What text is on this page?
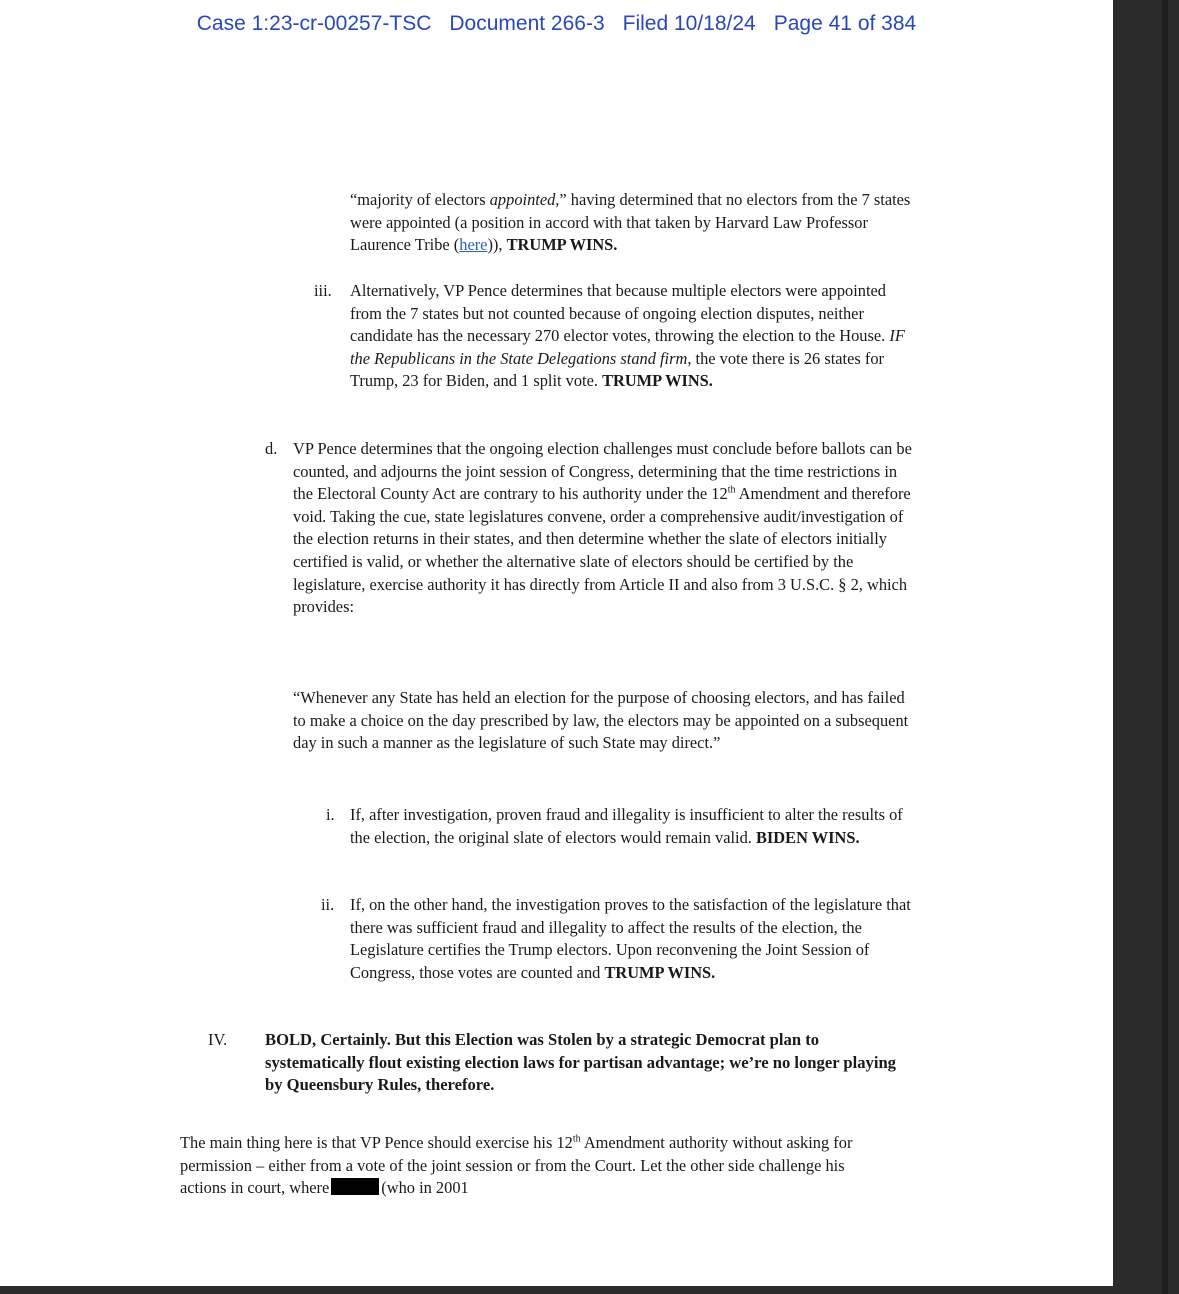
Case 1:23-cr-00257-TSC Document 266-3 Filed 10/18/24 Page 41 of 384

“majority of electors appointed,” having determined that no electors from the 7 states were appointed (a position in accord with that taken by Harvard Law Professor Laurence Tribe (here)), TRUMP WINS.

iii. Alternatively, VP Pence determines that because multiple electors were appointed from the 7 states but not counted because of ongoing election disputes, neither candidate has the necessary 270 elector votes, throwing the election to the House. IF the Republicans in the State Delegations stand firm, the vote there is 26 states for Trump, 23 for Biden, and 1 split vote. TRUMP WINS.

d. VP Pence determines that the ongoing election challenges must conclude before ballots can be counted, and adjourns the joint session of Congress, determining that the time restrictions in the Electoral County Act are contrary to his authority under the 12th Amendment and therefore void. Taking the cue, state legislatures convene, order a comprehensive audit/investigation of the election returns in their states, and then determine whether the slate of electors initially certified is valid, or whether the alternative slate of electors should be certified by the legislature, exercise authority it has directly from Article II and also from 3 U.S.C. § 2, which provides:

“Whenever any State has held an election for the purpose of choosing electors, and has failed to make a choice on the day prescribed by law, the electors may be appointed on a subsequent day in such a manner as the legislature of such State may direct.”

i. If, after investigation, proven fraud and illegality is insufficient to alter the results of the election, the original slate of electors would remain valid. BIDEN WINS.

ii. If, on the other hand, the investigation proves to the satisfaction of the legislature that there was sufficient fraud and illegality to affect the results of the election, the Legislature certifies the Trump electors. Upon reconvening the Joint Session of Congress, those votes are counted and TRUMP WINS.

IV. BOLD, Certainly. But this Election was Stolen by a strategic Democrat plan to systematically flout existing election laws for partisan advantage; we’re no longer playing by Queensbury Rules, therefore.

The main thing here is that VP Pence should exercise his 12th Amendment authority without asking for permission – either from a vote of the joint session or from the Court. Let the other side challenge his actions in court, where	(who in 2001
